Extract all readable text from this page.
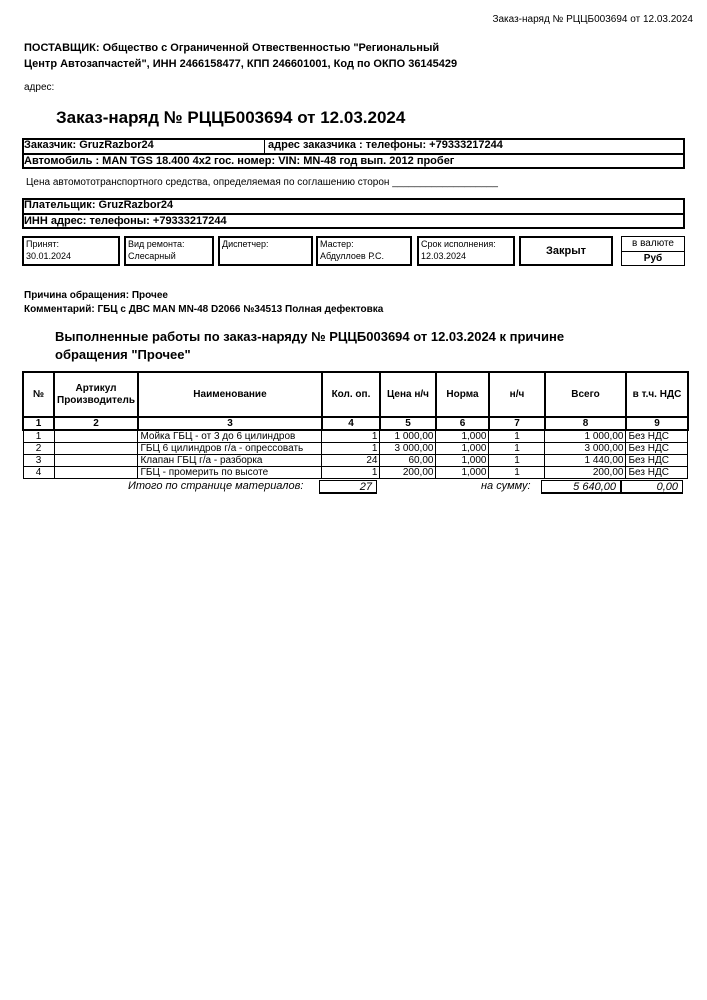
Заказ-наряд № РЦЦБ003694 от 12.03.2024
ПОСТАВЩИК: Общество с Ограниченной Отвественностью "Региональный Центр Автозапчастей", ИНН 2466158477, КПП 246601001, Код по ОКПО 36145429
адрес:
Заказ-наряд № РЦЦБ003694 от 12.03.2024
Заказчик: GruzRazbor24	адрес заказчика : телефоны: +79333217244
Автомобиль : MAN TGS 18.400 4x2 гос. номер: VIN: MN-48 год вып. 2012 пробег
Цена автомототранспортного средства, определяемая по соглашению сторон ___________________
Плательщик: GruzRazbor24
ИНН адрес: телефоны: +79333217244
Принят:
30.01.2024
Вид ремонта:
Слесарный
Диспетчер:	Мастер:
Абдуллоев Р.С.
Срок исполнения:
12.03.2024	Закрыт
в валюте
Руб
Причина обращения: Прочее
Комментарий: ГБЦ с ДВС MAN MN-48 D2066 №34513 Полная дефектовка
Выполненные работы по заказ-наряду № РЦЦБ003694 от 12.03.2024 к причине обращения "Прочее"
№	Артикул Производитель	Наименование	Кол. оп.	Цена н/ч	Норма	н/ч	Всего	в т.ч. НДС
1	2	3	4	5	6	7	8	9
1		Мойка ГБЦ - от 3 до 6 цилиндров	1	1 000,00	1,000	1	1 000,00	Без НДС
2		ГБЦ 6 цилиндров г/а - опрессовать	1	3 000,00	1,000	1	3 000,00	Без НДС
3		Клапан ГБЦ г/а - разборка	24	60,00	1,000	1	1 440,00	Без НДС
4		ГБЦ - промерить по высоте	1	200,00	1,000	1	200,00	Без НДС
Итого по странице материалов:	27	на сумму:	5 640,00	0,00
